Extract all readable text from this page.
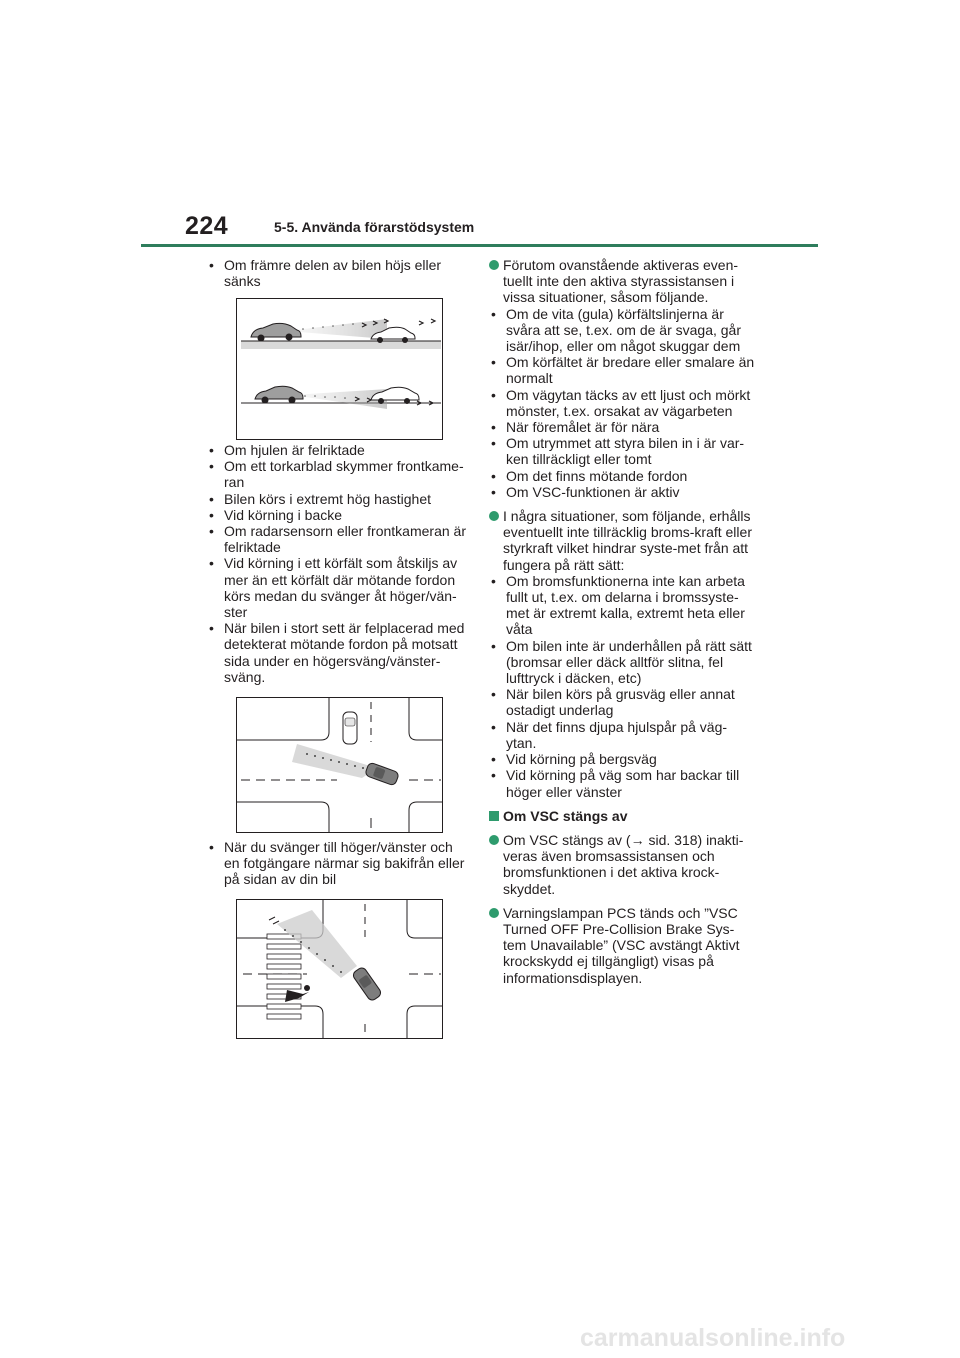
224	5-5. Använda förarstödsystem
• Om främre delen av bilen höjs eller sänks
• Om hjulen är felriktade
• Om ett torkarblad skymmer frontkame-ran
• Bilen körs i extremt hög hastighet
• Vid körning i backe
• Om radarsensorn eller frontkameran är felriktade
• Vid körning i ett körfält som åtskiljs av mer än ett körfält där mötande fordon körs medan du svänger åt höger/vän-ster
• När bilen i stort sett är felplacerad med detekterat mötande fordon på motsatt sida under en högersväng/vänster-sväng.
• När du svänger till höger/vänster och en fotgängare närmar sig bakifrån eller på sidan av din bil
Förutom ovanstående aktiveras even-tuellt inte den aktiva styrassistansen i vissa situationer, såsom följande.
• Om de vita (gula) körfältslinjerna är svåra att se, t.ex. om de är svaga, går isär/ihop, eller om något skuggar dem
• Om körfältet är bredare eller smalare än normalt
• Om vägytan täcks av ett ljust och mörkt mönster, t.ex. orsakat av vägarbeten
• När föremålet är för nära
• Om utrymmet att styra bilen in i är var-ken tillräckligt eller tomt
• Om det finns mötande fordon
• Om VSC-funktionen är aktiv
I några situationer, som följande, erhålls eventuellt inte tillräcklig broms-kraft eller styrkraft vilket hindrar syste-met från att fungera på rätt sätt:
• Om bromsfunktionerna inte kan arbeta fullt ut, t.ex. om delarna i bromssyste-met är extremt kalla, extremt heta eller våta
• Om bilen inte är underhållen på rätt sätt (bromsar eller däck alltför slitna, fel lufttryck i däcken, etc)
• När bilen körs på grusväg eller annat ostadigt underlag
• När det finns djupa hjulspår på väg-ytan.
• Vid körning på bergsväg
• Vid körning på väg som har backar till höger eller vänster
Om VSC stängs av
Om VSC stängs av (→ sid. 318) inakti-veras även bromsassistansen och bromsfunktionen i det aktiva krock-skyddet.
Varningslampan PCS tänds och ”VSC Turned OFF Pre-Collision Brake Sys-tem Unavailable” (VSC avstängt Aktivt krockskydd ej tillgängligt) visas på informationsdisplayen.
carmanualsonline.info
